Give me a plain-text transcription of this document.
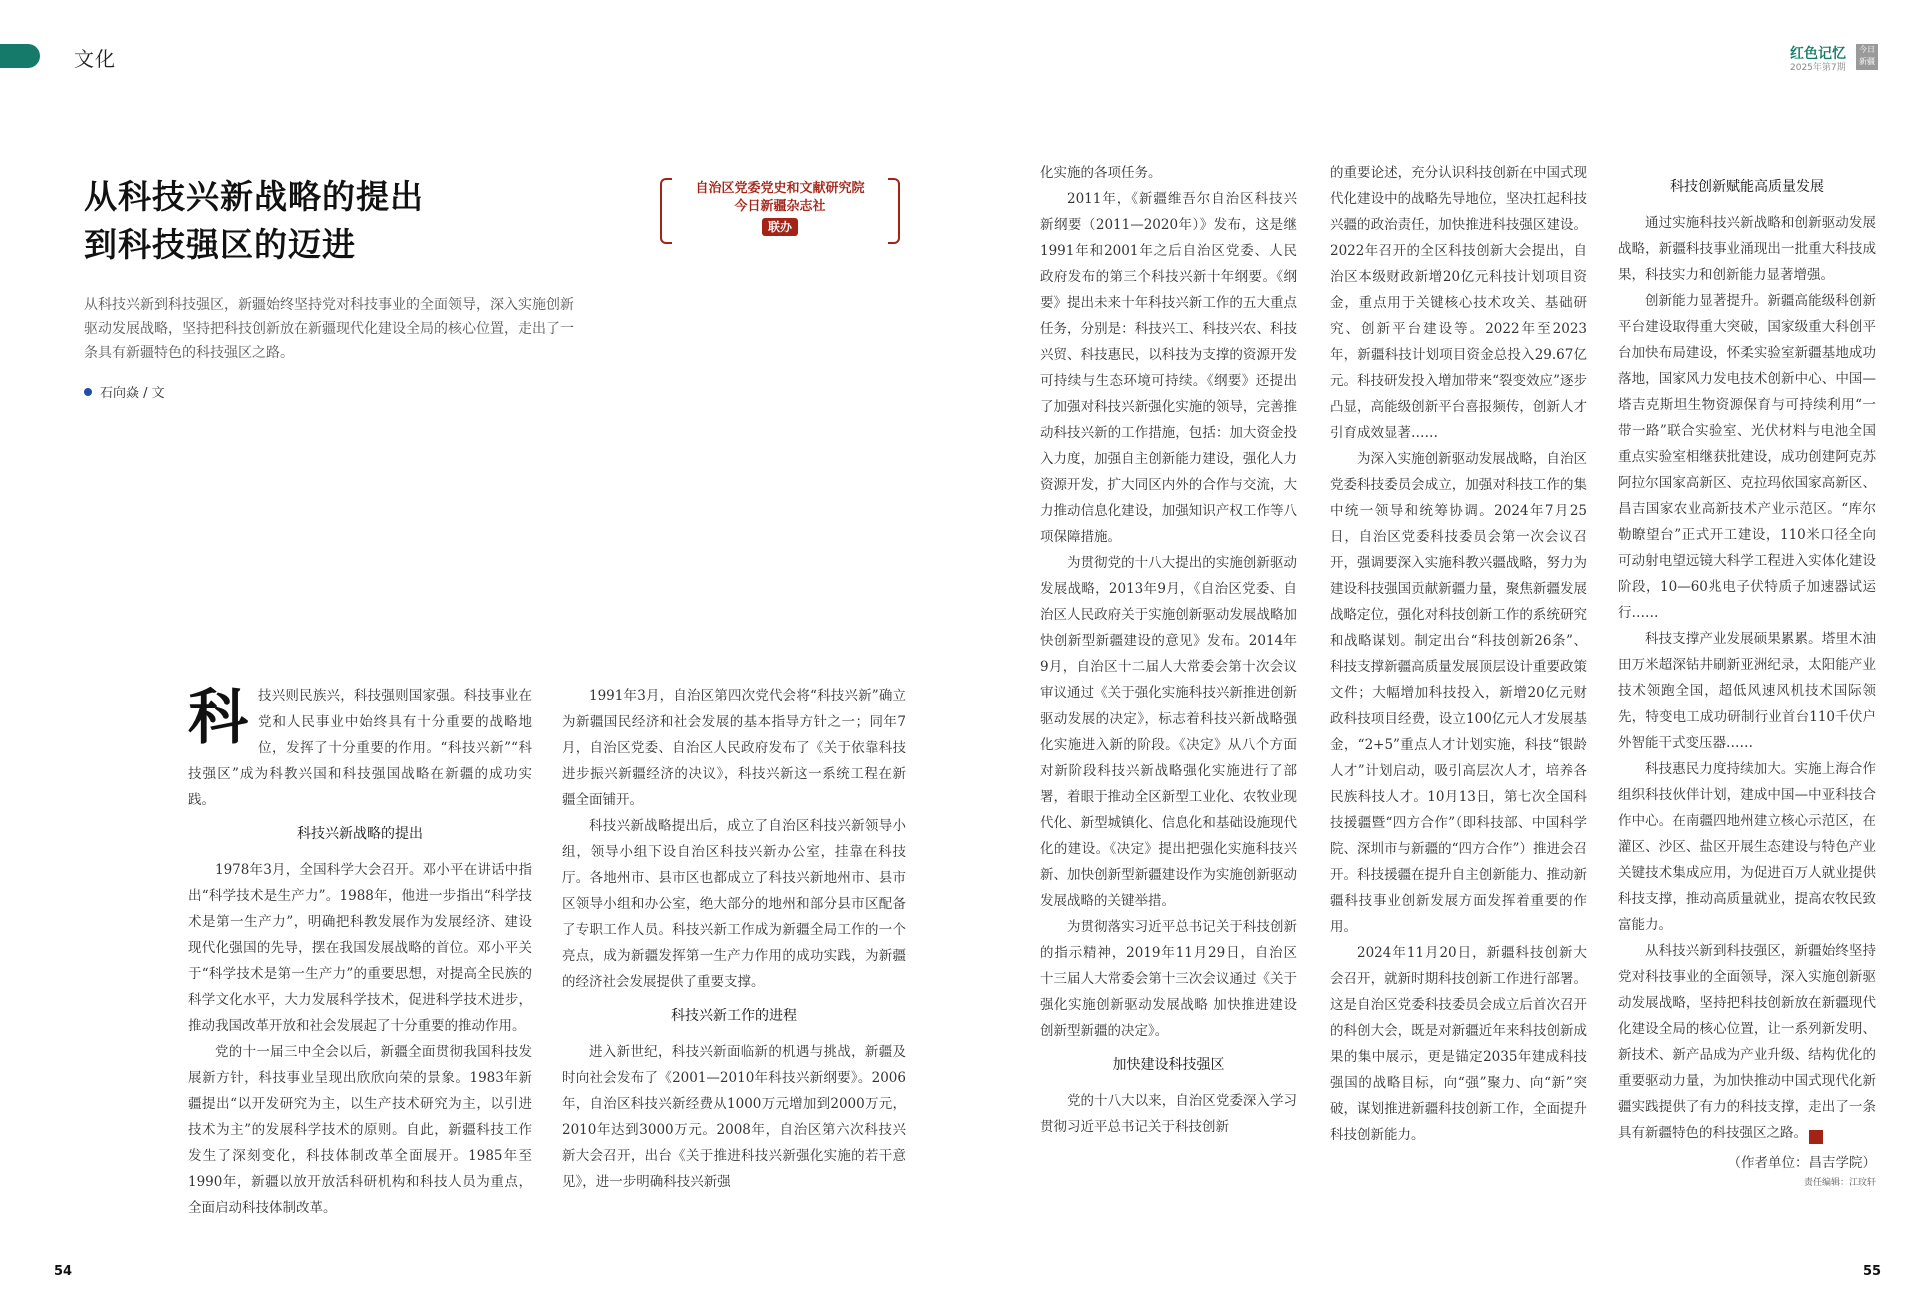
文化	红色记忆
2025年第7期
今日新疆
从科技兴新战略的提出
到科技强区的迈进
自治区党委党史和文献研究院
今日新疆杂志社
联办
从科技兴新到科技强区，新疆始终坚持党对科技事业的全面领导，深入实施创新驱动发展战略，坚持把科技创新放在新疆现代化建设全局的核心位置，走出了一条具有新疆特色的科技强区之路。
石向焱 / 文
科 技兴则民族兴，科技强则国家强。科技事业在党和人民事业中始终具有十分重要的战略地位，发挥了十分重要的作用。“科技兴新”“科技强区”成为科教兴国和科技强国战略在新疆的成功实践。

科技兴新战略的提出

1978年3月，全国科学大会召开。邓小平在讲话中指出“科学技术是生产力”。1988年，他进一步指出“科学技术是第一生产力”，明确把科教发展作为发展经济、建设现代化强国的先导，摆在我国发展战略的首位。邓小平关于“科学技术是第一生产力”的重要思想，对提高全民族的科学文化水平，大力发展科学技术，促进科学技术进步，推动我国改革开放和社会发展起了十分重要的推动作用。

党的十一届三中全会以后，新疆全面贯彻我国科技发展新方针，科技事业呈现出欣欣向荣的景象。1983年新疆提出“以开发研究为主，以生产技术研究为主，以引进技术为主”的发展科学技术的原则。自此，新疆科技工作发生了深刻变化，科技体制改革全面展开。1985年至1990年，新疆以放开放活科研机构和科技人员为重点，全面启动科技体制改革。

1991年3月，自治区第四次党代会将“科技兴新”确立为新疆国民经济和社会发展的基本指导方针之一；同年7月，自治区党委、自治区人民政府发布了《关于依靠科技进步振兴新疆经济的决议》，科技兴新这一系统工程在新疆全面铺开。

科技兴新战略提出后，成立了自治区科技兴新领导小组，领导小组下设自治区科技兴新办公室，挂靠在科技厅。各地州市、县市区也都成立了科技兴新地州市、县市区领导小组和办公室，绝大部分的地州和部分县市区配备了专职工作人员。科技兴新工作成为新疆全局工作的一个亮点，成为新疆发挥第一生产力作用的成功实践，为新疆的经济社会发展提供了重要支撑。

科技兴新工作的进程

进入新世纪，科技兴新面临新的机遇与挑战，新疆及时向社会发布了《2001—2010年科技兴新纲要》。2006年，自治区科技兴新经费从1000万元增加到2000万元，2010年达到3000万元。2008年，自治区第六次科技兴新大会召开，出台《关于推进科技兴新强化实施的若干意见》，进一步明确科技兴新强

化实施的各项任务。

2011年，《新疆维吾尔自治区科技兴新纲要（2011—2020年）》发布，这是继1991年和2001年之后自治区党委、人民政府发布的第三个科技兴新十年纲要。《纲要》提出未来十年科技兴新工作的五大重点任务，分别是：科技兴工、科技兴农、科技兴贸、科技惠民，以科技为支撑的资源开发可持续与生态环境可持续。《纲要》还提出了加强对科技兴新强化实施的领导，完善推动科技兴新的工作措施，包括：加大资金投入力度，加强自主创新能力建设，强化人力资源开发，扩大同区内外的合作与交流，大力推动信息化建设，加强知识产权工作等八项保障措施。

为贯彻党的十八大提出的实施创新驱动发展战略，2013年9月，《自治区党委、自治区人民政府关于实施创新驱动发展战略加快创新型新疆建设的意见》发布。2014年9月，自治区十二届人大常委会第十次会议审议通过《关于强化实施科技兴新推进创新驱动发展的决定》，标志着科技兴新战略强化实施进入新的阶段。《决定》从八个方面对新阶段科技兴新战略强化实施进行了部署，着眼于推动全区新型工业化、农牧业现代化、新型城镇化、信息化和基础设施现代化的建设。《决定》提出把强化实施科技兴新、加快创新型新疆建设作为实施创新驱动发展战略的关键举措。

为贯彻落实习近平总书记关于科技创新的指示精神，2019年11月29日，自治区十三届人大常委会第十三次会议通过《关于强化实施创新驱动发展战略 加快推进建设创新型新疆的决定》。

加快建设科技强区

党的十八大以来，自治区党委深入学习贯彻习近平总书记关于科技创新

的重要论述，充分认识科技创新在中国式现代化建设中的战略先导地位，坚决扛起科技兴疆的政治责任，加快推进科技强区建设。2022年召开的全区科技创新大会提出，自治区本级财政新增20亿元科技计划项目资金，重点用于关键核心技术攻关、基础研究、创新平台建设等。2022年至2023年，新疆科技计划项目资金总投入29.67亿元。科技研发投入增加带来“裂变效应”逐步凸显，高能级创新平台喜报频传，创新人才引育成效显著……

为深入实施创新驱动发展战略，自治区党委科技委员会成立，加强对科技工作的集中统一领导和统筹协调。2024年7月25日，自治区党委科技委员会第一次会议召开，强调要深入实施科教兴疆战略，努力为建设科技强国贡献新疆力量，聚焦新疆发展战略定位，强化对科技创新工作的系统研究和战略谋划。制定出台“科技创新26条”、科技支撑新疆高质量发展顶层设计重要政策文件；大幅增加科技投入，新增20亿元财政科技项目经费，设立100亿元人才发展基金，“2+5”重点人才计划实施，科技“银龄人才”计划启动，吸引高层次人才，培养各民族科技人才。10月13日，第七次全国科技援疆暨“四方合作”（即科技部、中国科学院、深圳市与新疆的“四方合作”）推进会召开。科技援疆在提升自主创新能力、推动新疆科技事业创新发展方面发挥着重要的作用。

2024年11月20日，新疆科技创新大会召开，就新时期科技创新工作进行部署。这是自治区党委科技委员会成立后首次召开的科创大会，既是对新疆近年来科技创新成果的集中展示，更是锚定2035年建成科技强国的战略目标，向“强”聚力、向“新”突破，谋划推进新疆科技创新工作，全面提升科技创新能力。

科技创新赋能高质量发展

通过实施科技兴新战略和创新驱动发展战略，新疆科技事业涌现出一批重大科技成果，科技实力和创新能力显著增强。

创新能力显著提升。新疆高能级科创新平台建设取得重大突破，国家级重大科创平台加快布局建设，怀柔实验室新疆基地成功落地，国家风力发电技术创新中心、中国—塔吉克斯坦生物资源保育与可持续利用“一带一路”联合实验室、光伏材料与电池全国重点实验室相继获批建设，成功创建阿克苏阿拉尔国家高新区、克拉玛依国家高新区、昌吉国家农业高新技术产业示范区。“库尔勒瞭望台”正式开工建设，110米口径全向可动射电望远镜大科学工程进入实体化建设阶段，10—60兆电子伏特质子加速器试运行……

科技支撑产业发展硕果累累。塔里木油田万米超深钻井刷新亚洲纪录，太阳能产业技术领跑全国，超低风速风机技术国际领先，特变电工成功研制行业首台110千伏户外智能干式变压器……

科技惠民力度持续加大。实施上海合作组织科技伙伴计划，建成中国—中亚科技合作中心。在南疆四地州建立核心示范区，在灌区、沙区、盐区开展生态建设与特色产业关键技术集成应用，为促进百万人就业提供科技支撑，推动高质量就业，提高农牧民致富能力。

从科技兴新到科技强区，新疆始终坚持党对科技事业的全面领导，深入实施创新驱动发展战略，坚持把科技创新放在新疆现代化建设全局的核心位置，让一系列新发明、新技术、新产品成为产业升级、结构优化的重要驱动力量，为加快推动中国式现代化新疆实践提供了有力的科技支撑，走出了一条具有新疆特色的科技强区之路。	J

（作者单位：昌吉学院）
责任编辑：江玟轩
54	55
